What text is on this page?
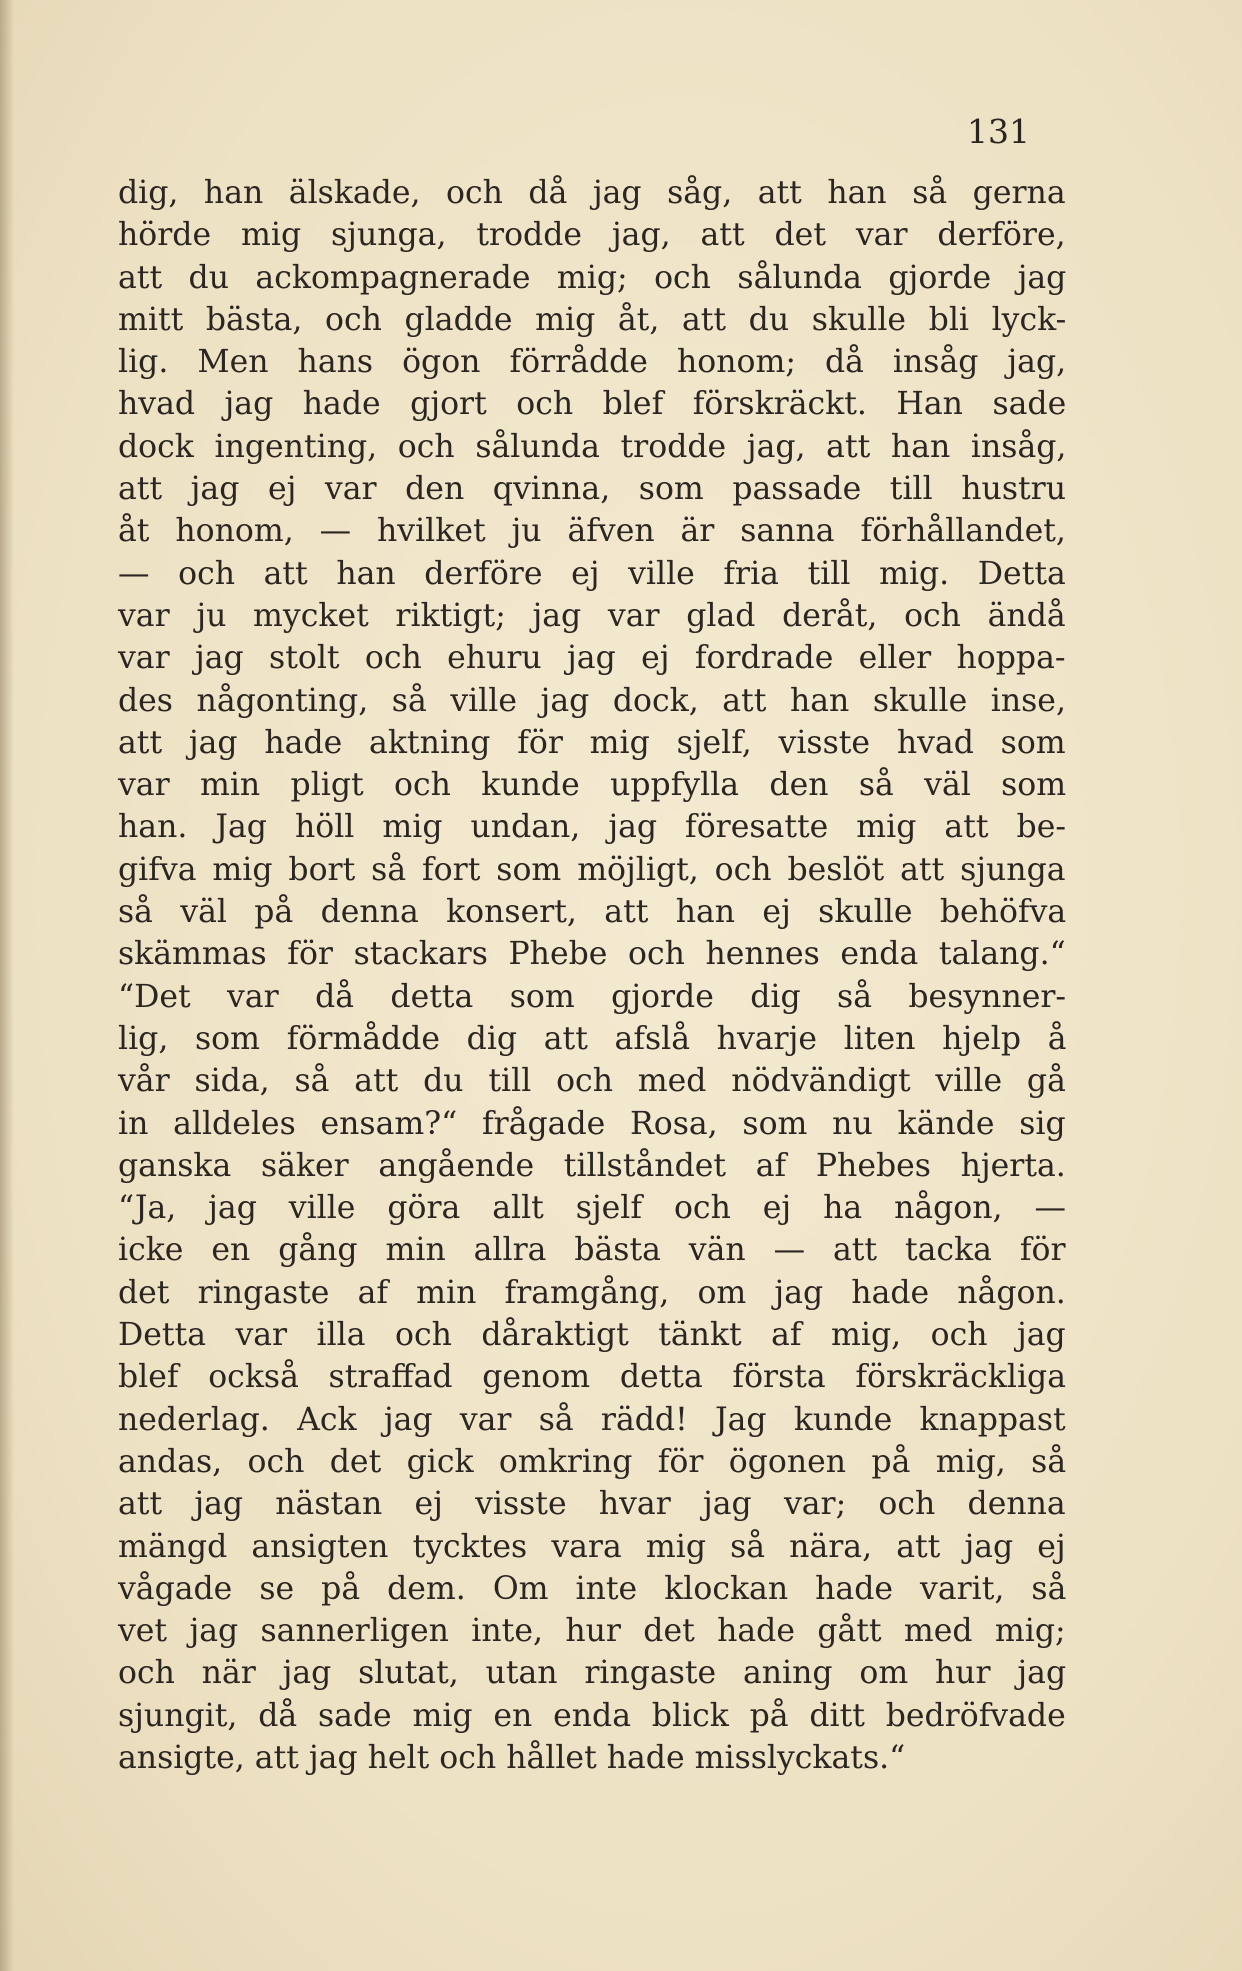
131
dig, han älskade, och då jag såg, att han så gerna
hörde mig sjunga, trodde jag, att det var derföre,
att du ackompagnerade mig; och sålunda gjorde jag
mitt bästa, och gladde mig åt, att du skulle bli lyck-
lig. Men hans ögon förrådde honom; då insåg jag,
hvad jag hade gjort och blef förskräckt. Han sade
dock ingenting, och sålunda trodde jag, att han insåg,
att jag ej var den qvinna, som passade till hustru
åt honom, — hvilket ju äfven är sanna förhållandet,
— och att han derföre ej ville fria till mig. Detta
var ju mycket riktigt; jag var glad deråt, och ändå
var jag stolt och ehuru jag ej fordrade eller hoppa-
des någonting, så ville jag dock, att han skulle inse,
att jag hade aktning för mig sjelf, visste hvad som
var min pligt och kunde uppfylla den så väl som
han. Jag höll mig undan, jag föresatte mig att be-
gifva mig bort så fort som möjligt, och beslöt att sjunga
så väl på denna konsert, att han ej skulle behöfva
skämmas för stackars Phebe och hennes enda talang.“
“Det var då detta som gjorde dig så besynner-
lig, som förmådde dig att afslå hvarje liten hjelp å
vår sida, så att du till och med nödvändigt ville gå
in alldeles ensam?“ frågade Rosa, som nu kände sig
ganska säker angående tillståndet af Phebes hjerta.
“Ja, jag ville göra allt sjelf och ej ha någon, —
icke en gång min allra bästa vän — att tacka för
det ringaste af min framgång, om jag hade någon.
Detta var illa och dåraktigt tänkt af mig, och jag
blef också straffad genom detta första förskräckliga
nederlag. Ack jag var så rädd! Jag kunde knappast
andas, och det gick omkring för ögonen på mig, så
att jag nästan ej visste hvar jag var; och denna
mängd ansigten tycktes vara mig så nära, att jag ej
vågade se på dem. Om inte klockan hade varit, så
vet jag sannerligen inte, hur det hade gått med mig;
och när jag slutat, utan ringaste aning om hur jag
sjungit, då sade mig en enda blick på ditt bedröfvade
ansigte, att jag helt och hållet hade misslyckats.“
